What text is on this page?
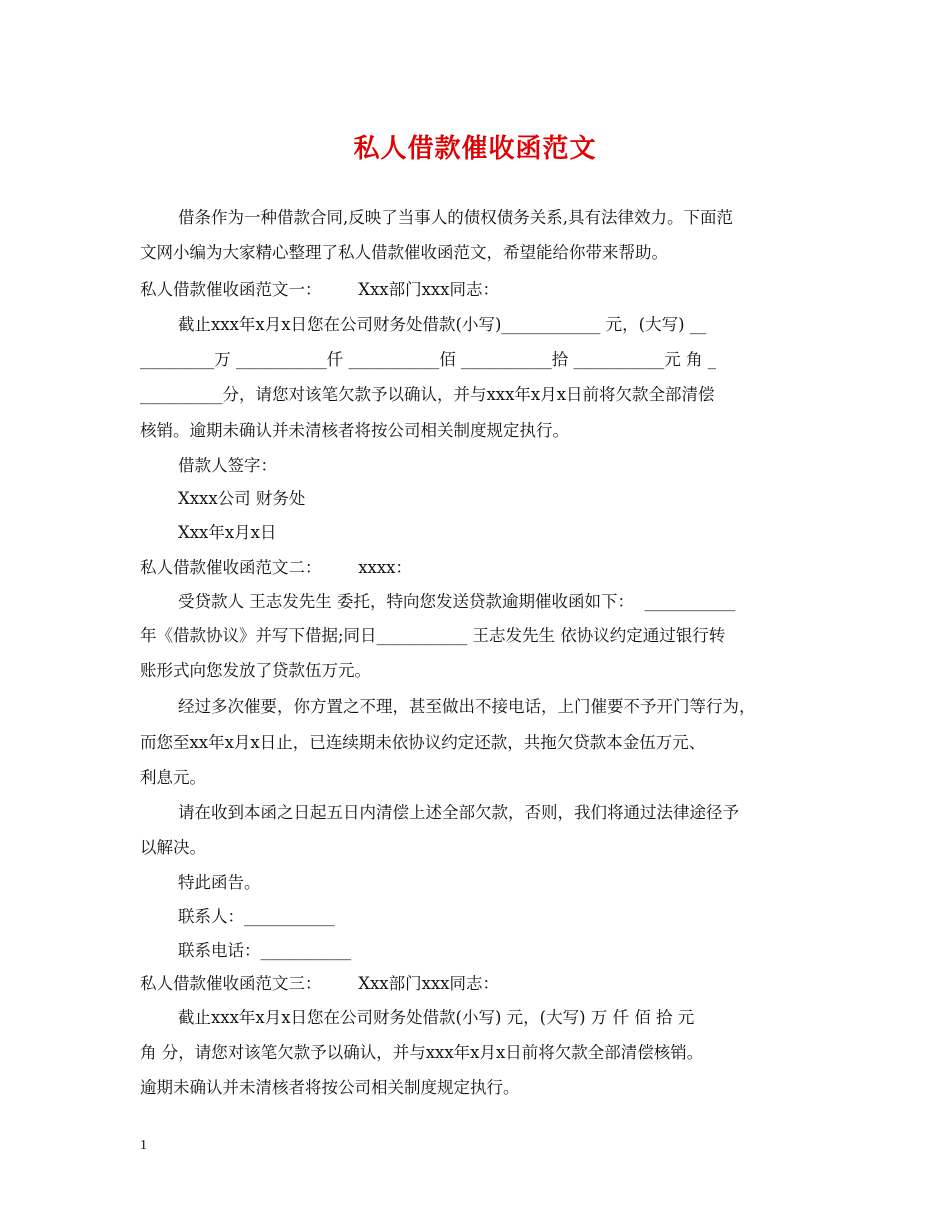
私人借款催收函范文
借条作为一种借款合同,反映了当事人的债权债务关系,具有法律效力。下面范
文网小编为大家精心整理了私人借款催收函范文，希望能给你带来帮助。
私人借款催收函范文一：       Xxx部门xxx同志：
截止xxx年x月x日您在公司财务处借款(小写)____________ 元，(大写) __
_________万 ___________仟 ___________佰 ___________拾 ___________元 角 _
__________分，请您对该笔欠款予以确认，并与xxx年x月x日前将欠款全部清偿
核销。逾期未确认并未清核者将按公司相关制度规定执行。
借款人签字：
Xxxx公司 财务处
Xxx年x月x日
私人借款催收函范文二：       xxxx：
受贷款人 王志发先生 委托，特向您发送贷款逾期催收函如下：  ___________
年《借款协议》并写下借据;同日___________ 王志发先生 依协议约定通过银行转
账形式向您发放了贷款伍万元。
经过多次催要，你方置之不理，甚至做出不接电话，上门催要不予开门等行为，
而您至xx年x月x日止，已连续期未依协议约定还款，共拖欠贷款本金伍万元、
利息元。
请在收到本函之日起五日内清偿上述全部欠款，否则，我们将通过法律途径予
以解决。
特此函告。
联系人：___________
联系电话：___________
私人借款催收函范文三：       Xxx部门xxx同志：
截止xxx年x月x日您在公司财务处借款(小写) 元，(大写) 万 仟 佰 拾 元
角 分，请您对该笔欠款予以确认，并与xxx年x月x日前将欠款全部清偿核销。
逾期未确认并未清核者将按公司相关制度规定执行。
1
